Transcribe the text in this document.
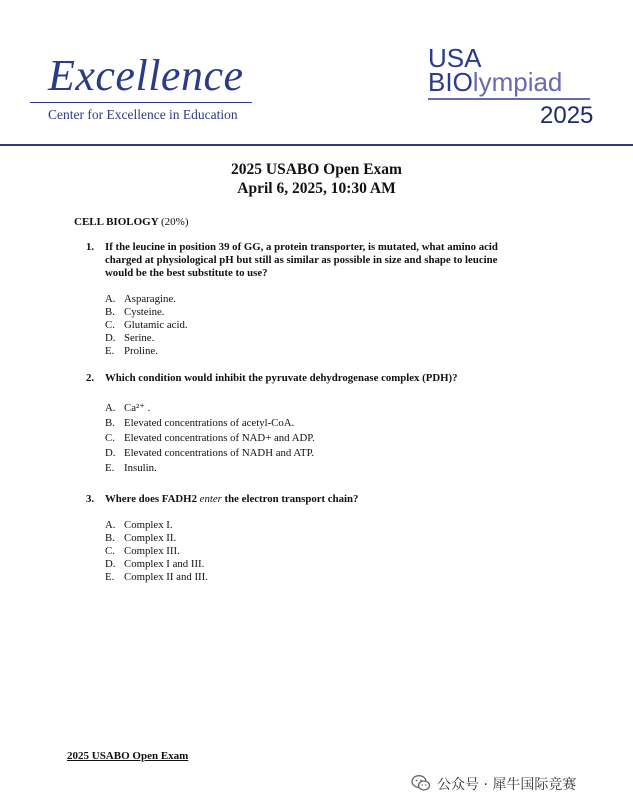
Excellence
Center for Excellence in Education
USA
BIOlympiad
2025
2025 USABO Open Exam
April 6, 2025, 10:30 AM
CELL BIOLOGY (20%)
1. If the leucine in position 39 of GG, a protein transporter, is mutated, what amino acid
charged at physiological pH but still as similar as possible in size and shape to leucine
would be the best substitute to use?
A. Asparagine.
B. Cysteine.
C. Glutamic acid.
D. Serine.
E. Proline.
2. Which condition would inhibit the pyruvate dehydrogenase complex (PDH)?
A. Ca²⁺ .
B. Elevated concentrations of acetyl-CoA.
C. Elevated concentrations of NAD+ and ADP.
D. Elevated concentrations of NADH and ATP.
E. Insulin.
3. Where does FADH2 enter the electron transport chain?
A. Complex I.
B. Complex II.
C. Complex III.
D. Complex I and III.
E. Complex II and III.
2025 USABO Open Exam
公众号 · 犀牛国际竞赛
